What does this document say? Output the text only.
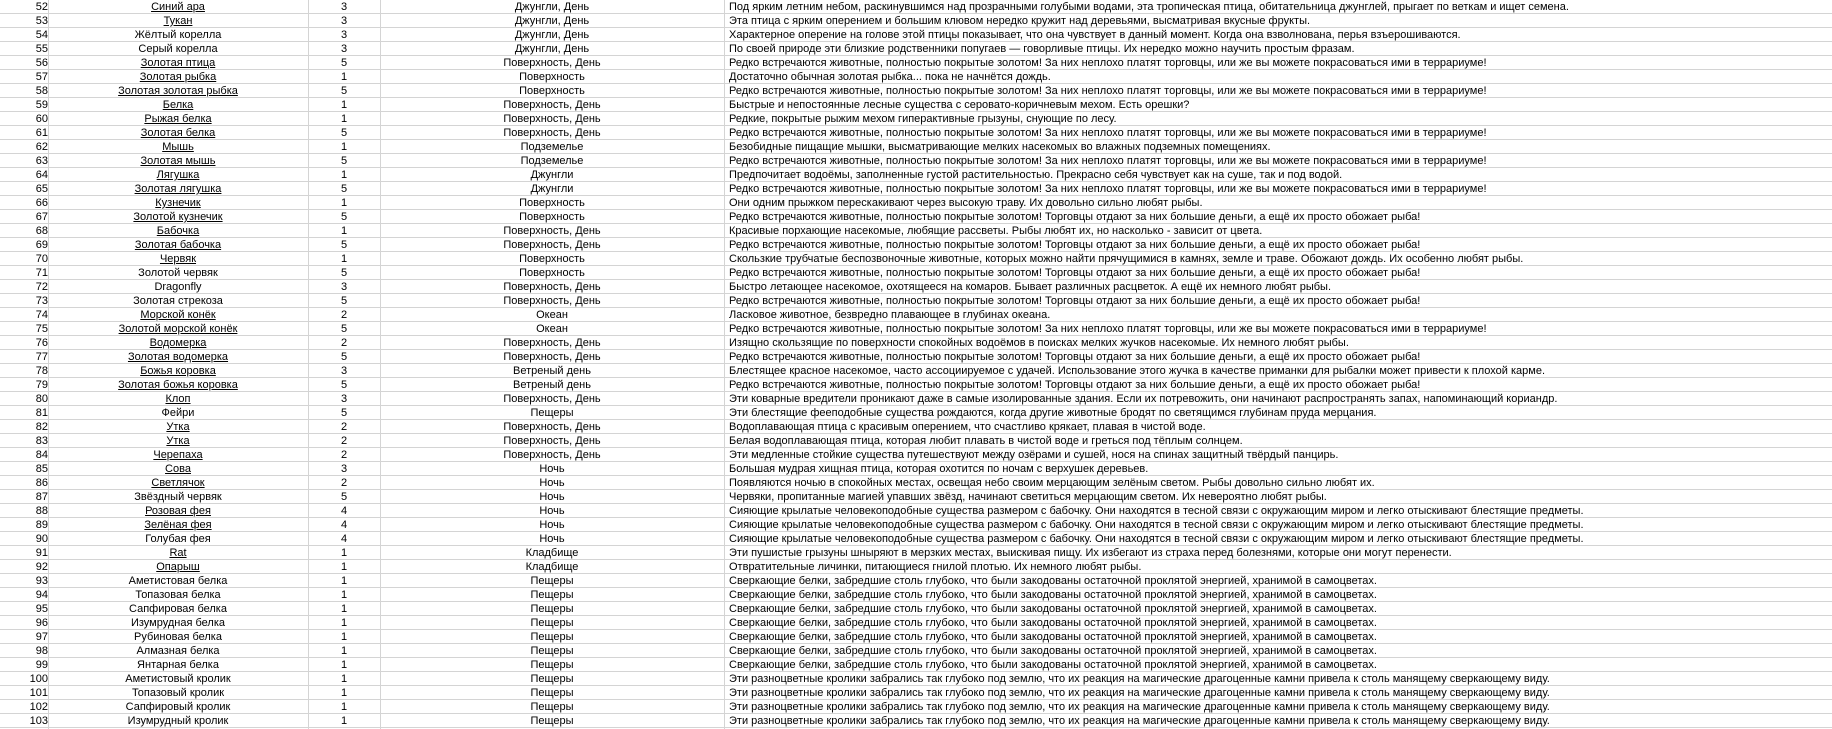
52	Синий ара	3	Джунгли, День	Под ярким летним небом, раскинувшимся над прозрачными голубыми водами, эта тропическая птица, обитательница джунглей, прыгает по веткам и ищет семена.
53	Тукан	3	Джунгли, День	Эта птица с ярким оперением и большим клювом нередко кружит над деревьями, высматривая вкусные фрукты.
54	Жёлтый корелла	3	Джунгли, День	Характерное оперение на голове этой птицы показывает, что она чувствует в данный момент. Когда она взволнована, перья взъерошиваются.
55	Серый корелла	3	Джунгли, День	По своей природе эти близкие родственники попугаев — говорливые птицы. Их нередко можно научить простым фразам.
56	Золотая птица	5	Поверхность, День	Редко встречаются животные, полностью покрытые золотом! За них неплохо платят торговцы, или же вы можете покрасоваться ими в террариуме!
57	Золотая рыбка	1	Поверхность	Достаточно обычная золотая рыбка... пока не начнётся дождь.
58	Золотая золотая рыбка	5	Поверхность	Редко встречаются животные, полностью покрытые золотом! За них неплохо платят торговцы, или же вы можете покрасоваться ими в террариуме!
59	Белка	1	Поверхность, День	Быстрые и непостоянные лесные существа с серовато-коричневым мехом. Есть орешки?
60	Рыжая белка	1	Поверхность, День	Редкие, покрытые рыжим мехом гиперактивные грызуны, снующие по лесу.
61	Золотая белка	5	Поверхность, День	Редко встречаются животные, полностью покрытые золотом! За них неплохо платят торговцы, или же вы можете покрасоваться ими в террариуме!
62	Мышь	1	Подземелье	Безобидные пищащие мышки, высматривающие мелких насекомых во влажных подземных помещениях.
63	Золотая мышь	5	Подземелье	Редко встречаются животные, полностью покрытые золотом! За них неплохо платят торговцы, или же вы можете покрасоваться ими в террариуме!
64	Лягушка	1	Джунгли	Предпочитает водоёмы, заполненные густой растительностью. Прекрасно себя чувствует как на суше, так и под водой.
65	Золотая лягушка	5	Джунгли	Редко встречаются животные, полностью покрытые золотом! За них неплохо платят торговцы, или же вы можете покрасоваться ими в террариуме!
66	Кузнечик	1	Поверхность	Они одним прыжком перескакивают через высокую траву. Их довольно сильно любят рыбы.
67	Золотой кузнечик	5	Поверхность	Редко встречаются животные, полностью покрытые золотом! Торговцы отдают за них большие деньги, а ещё их просто обожает рыба!
68	Бабочка	1	Поверхность, День	Красивые порхающие насекомые, любящие рассветы. Рыбы любят их, но насколько - зависит от цвета.
69	Золотая бабочка	5	Поверхность, День	Редко встречаются животные, полностью покрытые золотом! Торговцы отдают за них большие деньги, а ещё их просто обожает рыба!
70	Червяк	1	Поверхность	Скользкие трубчатые беспозвоночные животные, которых можно найти прячущимися в камнях, земле и траве. Обожают дождь. Их особенно любят рыбы.
71	Золотой червяк	5	Поверхность	Редко встречаются животные, полностью покрытые золотом! Торговцы отдают за них большие деньги, а ещё их просто обожает рыба!
72	Dragonfly	3	Поверхность, День	Быстро летающее насекомое, охотящееся на комаров. Бывает различных расцветок. А ещё их немного любят рыбы.
73	Золотая стрекоза	5	Поверхность, День	Редко встречаются животные, полностью покрытые золотом! Торговцы отдают за них большие деньги, а ещё их просто обожает рыба!
74	Морской конёк	2	Океан	Ласковое животное, безвредно плавающее в глубинах океана.
75	Золотой морской конёк	5	Океан	Редко встречаются животные, полностью покрытые золотом! За них неплохо платят торговцы, или же вы можете покрасоваться ими в террариуме!
76	Водомерка	2	Поверхность, День	Изящно скользящие по поверхности спокойных водоёмов в поисках мелких жучков насекомые. Их немного любят рыбы.
77	Золотая водомерка	5	Поверхность, День	Редко встречаются животные, полностью покрытые золотом! Торговцы отдают за них большие деньги, а ещё их просто обожает рыба!
78	Божья коровка	3	Ветреный день	Блестящее красное насекомое, часто ассоциируемое с удачей. Использование этого жучка в качестве приманки для рыбалки может привести к плохой карме.
79	Золотая божья коровка	5	Ветреный день	Редко встречаются животные, полностью покрытые золотом! Торговцы отдают за них большие деньги, а ещё их просто обожает рыба!
80	Клоп	3	Поверхность, День	Эти коварные вредители проникают даже в самые изолированные здания. Если их потревожить, они начинают распространять запах, напоминающий кориандр.
81	Фейри	5	Пещеры	Эти блестящие фееподобные существа рождаются, когда другие животные бродят по светящимся глубинам пруда мерцания.
82	Утка	2	Поверхность, День	Водоплавающая птица с красивым оперением, что счастливо крякает, плавая в чистой воде.
83	Утка	2	Поверхность, День	Белая водоплавающая птица, которая любит плавать в чистой воде и греться под тёплым солнцем.
84	Черепаха	2	Поверхность, День	Эти медленные стойкие существа путешествуют между озёрами и сушей, нося на спинах защитный твёрдый панцирь.
85	Сова	3	Ночь	Большая мудрая хищная птица, которая охотится по ночам с верхушек деревьев.
86	Светлячок	2	Ночь	Появляются ночью в спокойных местах, освещая небо своим мерцающим зелёным светом. Рыбы довольно сильно любят их.
87	Звёздный червяк	5	Ночь	Червяки, пропитанные магией упавших звёзд, начинают светиться мерцающим светом. Их невероятно любят рыбы.
88	Розовая фея	4	Ночь	Сияющие крылатые человекоподобные существа размером с бабочку. Они находятся в тесной связи с окружающим миром и легко отыскивают блестящие предметы.
89	Зелёная фея	4	Ночь	Сияющие крылатые человекоподобные существа размером с бабочку. Они находятся в тесной связи с окружающим миром и легко отыскивают блестящие предметы.
90	Голубая фея	4	Ночь	Сияющие крылатые человекоподобные существа размером с бабочку. Они находятся в тесной связи с окружающим миром и легко отыскивают блестящие предметы.
91	Rat	1	Кладбище	Эти пушистые грызуны шныряют в мерзких местах, выискивая пищу. Их избегают из страха перед болезнями, которые они могут перенести.
92	Опарыш	1	Кладбище	Отвратительные личинки, питающиеся гнилой плотью. Их немного любят рыбы.
93	Аметистовая белка	1	Пещеры	Сверкающие белки, забредшие столь глубоко, что были закодованы остаточной проклятой энергией, хранимой в самоцветах.
94	Топазовая белка	1	Пещеры	Сверкающие белки, забредшие столь глубоко, что были закодованы остаточной проклятой энергией, хранимой в самоцветах.
95	Сапфировая белка	1	Пещеры	Сверкающие белки, забредшие столь глубоко, что были закодованы остаточной проклятой энергией, хранимой в самоцветах.
96	Изумрудная белка	1	Пещеры	Сверкающие белки, забредшие столь глубоко, что были закодованы остаточной проклятой энергией, хранимой в самоцветах.
97	Рубиновая белка	1	Пещеры	Сверкающие белки, забредшие столь глубоко, что были закодованы остаточной проклятой энергией, хранимой в самоцветах.
98	Алмазная белка	1	Пещеры	Сверкающие белки, забредшие столь глубоко, что были закодованы остаточной проклятой энергией, хранимой в самоцветах.
99	Янтарная белка	1	Пещеры	Сверкающие белки, забредшие столь глубоко, что были закодованы остаточной проклятой энергией, хранимой в самоцветах.
100	Аметистовый кролик	1	Пещеры	Эти разноцветные кролики забрались так глубоко под землю, что их реакция на магические драгоценные камни привела к столь манящему сверкающему виду.
101	Топазовый кролик	1	Пещеры	Эти разноцветные кролики забрались так глубоко под землю, что их реакция на магические драгоценные камни привела к столь манящему сверкающему виду.
102	Сапфировый кролик	1	Пещеры	Эти разноцветные кролики забрались так глубоко под землю, что их реакция на магические драгоценные камни привела к столь манящему сверкающему виду.
103	Изумрудный кролик	1	Пещеры	Эти разноцветные кролики забрались так глубоко под землю, что их реакция на магические драгоценные камни привела к столь манящему сверкающему виду.
